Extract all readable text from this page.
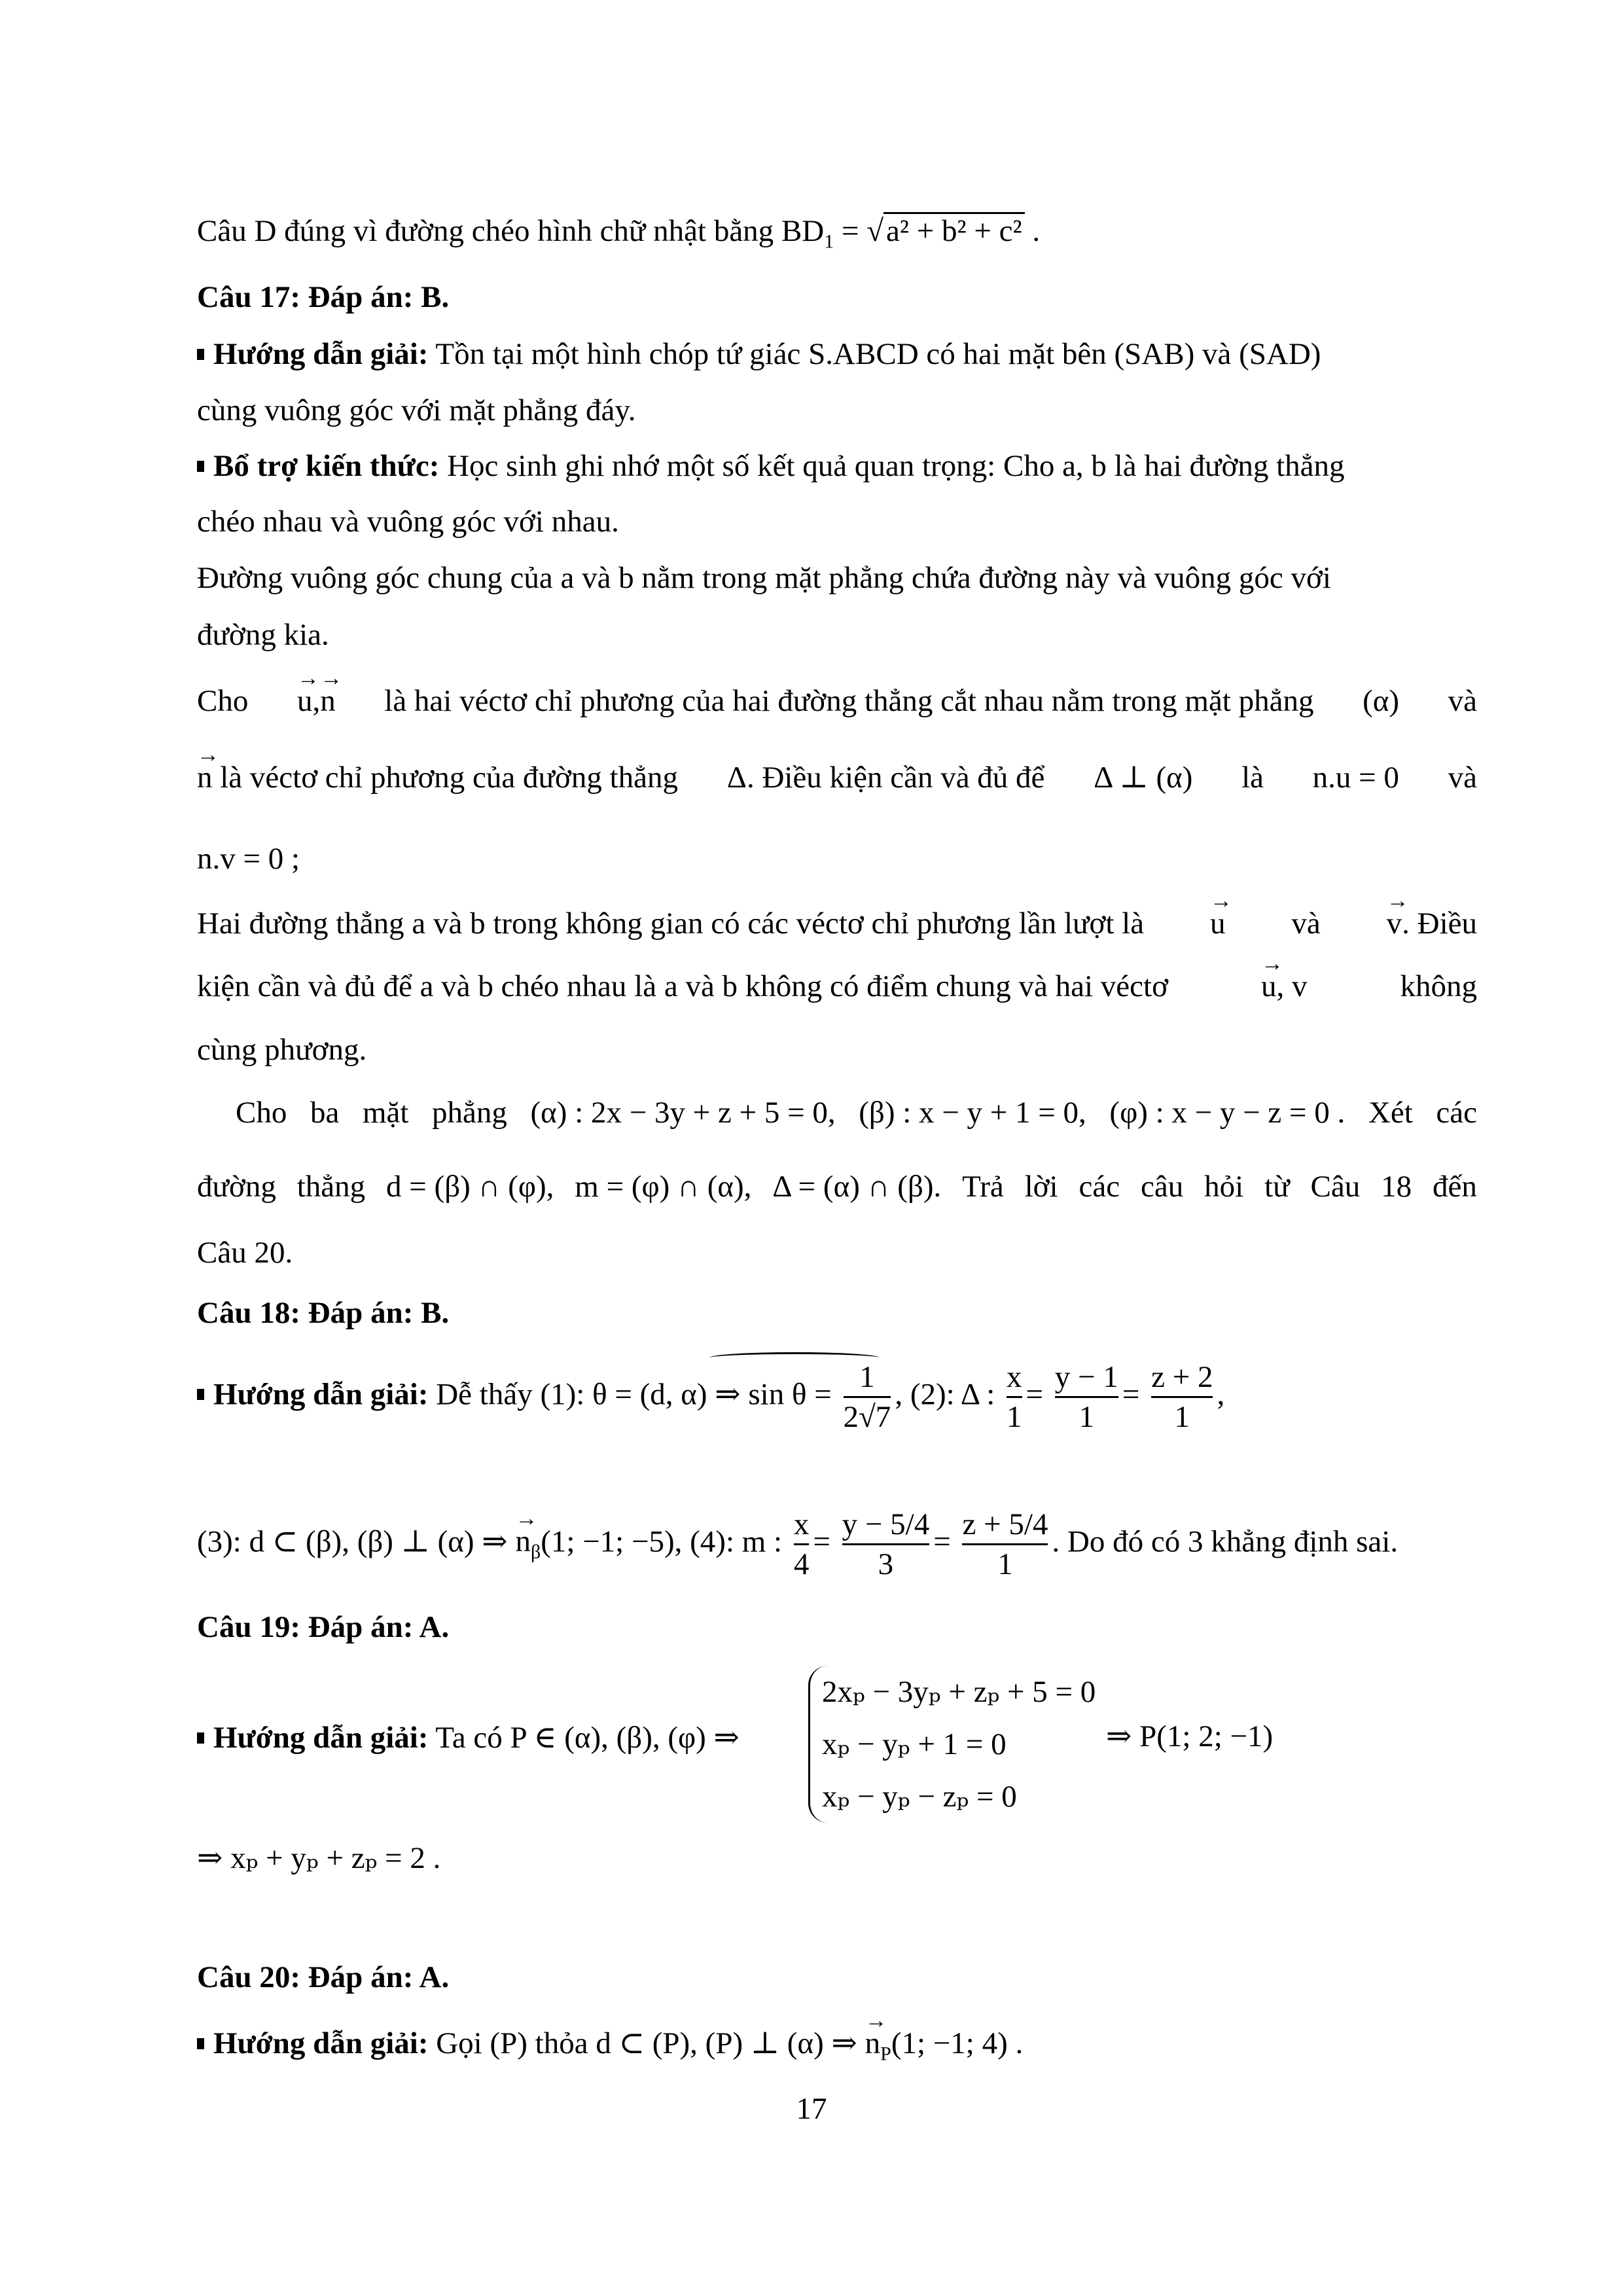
Câu D đúng vì đường chéo hình chữ nhật bằng $BD_1 = √a^2 + b^2 + c^2$ .
Câu 17: Đáp án: B.
Hướng dẫn giải: Tồn tại một hình chóp tứ giác S.ABCD có hai mặt bên (SAB) và (SAD)
cùng vuông góc với mặt phẳng đáy.
Bổ trợ kiến thức: Học sinh ghi nhớ một số kết quả quan trọng: Cho a, b là hai đường thẳng
chéo nhau và vuông góc với nhau.
Đường vuông góc chung của a và b nằm trong mặt phẳng chứa đường này và vuông góc với
đường kia.
Cho → u,→ n là hai véctơ chỉ phương của hai đường thẳng cắt nhau nằm trong mặt phẳng (α) và
→ n là véctơ chỉ phương của đường thẳng Δ. Điều kiện cần và đủ để Δ ⊥ (α) là n.u = 0 và
n.v = 0 ;
Hai đường thẳng a và b trong không gian có các véctơ chỉ phương lần lượt là → u và → v. Điều
kiện cần và đủ để a và b chéo nhau là a và b không có điểm chung và hai véctơ	→ u, v	không
cùng phương.
Cho ba mặt phẳng (α) : 2x − 3y + z + 5 = 0, (β) : x − y + 1 = 0, (φ) : x − y − z = 0 . Xét các
đường thẳng d = (β) ∩ (φ), m = (φ) ∩ (α), Δ = (α) ∩ (β). Trả lời các câu hỏi từ Câu 18 đến
Câu 20.
Câu 18: Đáp án: B.
Hướng dẫn giải: Dễ thấy (1): θ = (d, α) ⇒ $\sin \theta = \frac{1}{2√7}$ , (2): Δ : $\frac{x}{1} = \frac{y - 1}{1} = \frac{z + 2}{1}$ ,
(3): d ⊂ (β), (β) ⊥ (α) ⇒ → $n_\beta(1$; −1; −5), (4): m : $\frac{x}{4} = \frac{y - 5/4}{3} = \frac{z + 5/4}{1}$ . Do đó có 3 khẳng định sai.
Câu 19: Đáp án: A.
Hướng dẫn giải: Ta có P ∈ (α), (β), (φ) ⇒
2xₚ − 3yₚ + zₚ + 5 = 0
xₚ − yₚ + 1 = 0
xₚ − yₚ − zₚ = 0
⇒ P(1; 2; −1)
⇒ xₚ + yₚ + zₚ = 2 .
Câu 20: Đáp án: A.
Hướng dẫn giải: Gọi (P) thỏa d ⊂ (P), (P) ⊥ (α) ⇒ → $n_P(1$; −1; 4) .
17
